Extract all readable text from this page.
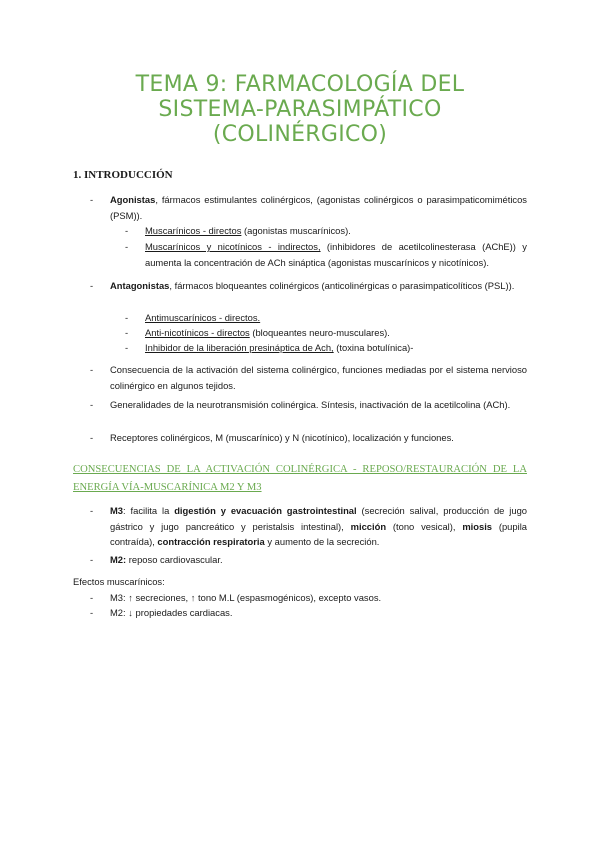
TEMA 9: FARMACOLOGÍA DEL
SISTEMA-PARASIMPÁTICO
(COLINÉRGICO)
1. INTRODUCCIÓN
- Agonistas, fármacos estimulantes colinérgicos, (agonistas colinérgicos o parasimpaticomiméticos (PSM)).
- Muscarínicos - directos (agonistas muscarínicos).
- Muscarínicos y nicotínicos - indirectos, (inhibidores de acetilcolinesterasa (AChE)) y aumenta la concentración de ACh sináptica (agonistas muscarínicos y nicotínicos).
- Antagonistas, fármacos bloqueantes colinérgicos (anticolinérgicas o parasimpaticolíticos (PSL)).
- Antimuscarínicos - directos.
- Anti-nicotínicos - directos (bloqueantes neuro-musculares).
- Inhibidor de la liberación presináptica de Ach, (toxina botulínica)-
- Consecuencia de la activación del sistema colinérgico, funciones mediadas por el sistema nervioso colinérgico en algunos tejidos.
- Generalidades de la neurotransmisión colinérgica. Síntesis, inactivación de la acetilcolina (ACh).
- Receptores colinérgicos, M (muscarínico) y N (nicotínico), localización y funciones.
CONSECUENCIAS DE LA ACTIVACIÓN COLINÉRGICA - REPOSO/RESTAURACIÓN DE LA ENERGÍA VÍA-MUSCARÍNICA M2 Y M3
- M3: facilita la digestión y evacuación gastrointestinal (secreción salival, producción de jugo gástrico y jugo pancreático y peristalsis intestinal), micción (tono vesical), miosis (pupila contraída), contracción respiratoria y aumento de la secreción.
- M2: reposo cardiovascular.
Efectos muscarínicos:
- M3: ↑ secreciones, ↑ tono M.L (espasmogénicos), excepto vasos.
- M2: ↓ propiedades cardiacas.
